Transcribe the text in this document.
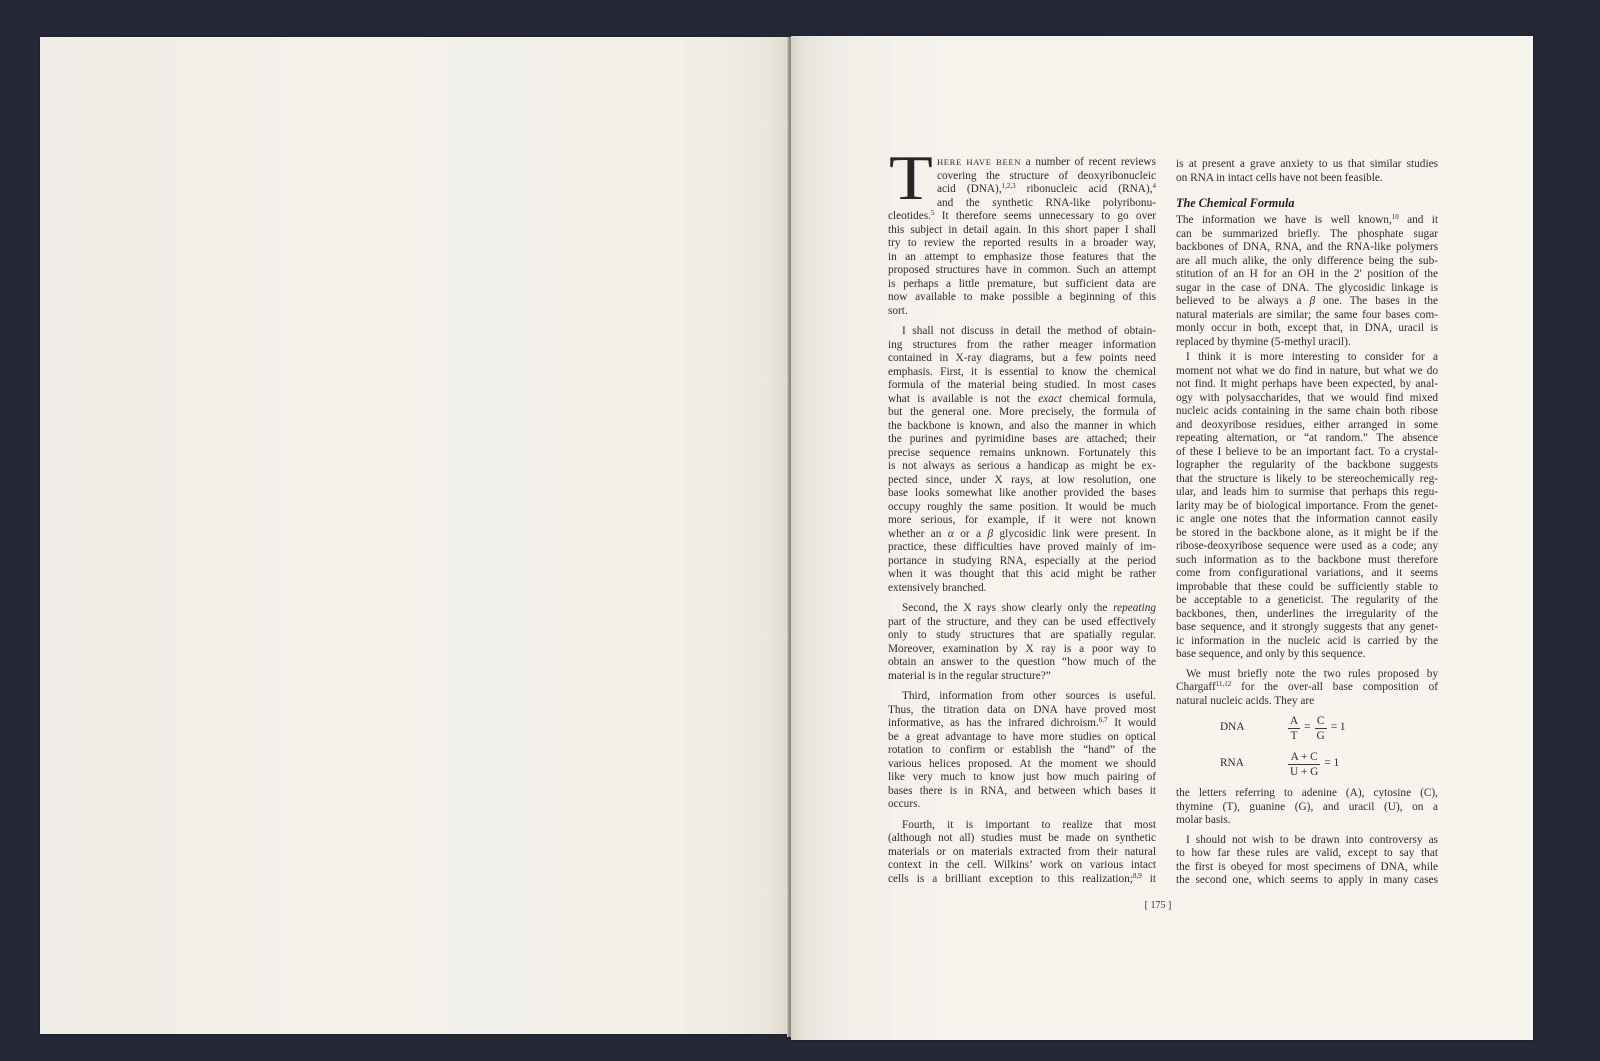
T HERE HAVE BEEN a number of recent reviews
covering the structure of deoxyribonucleic
acid (DNA),$^{1,2,3}$ ribonucleic acid (RNA),$^4$
and the synthetic RNA-like polyribonu-
cleotides.$^5$ It therefore seems unnecessary to go over
this subject in detail again. In this short paper I shall
try to review the reported results in a broader way,
in an attempt to emphasize those features that the
proposed structures have in common. Such an attempt
is perhaps a little premature, but sufficient data are
now available to make possible a beginning of this
sort.
I shall not discuss in detail the method of obtain-
ing structures from the rather meager information
contained in X-ray diagrams, but a few points need
emphasis. First, it is essential to know the chemical
formula of the material being studied. In most cases
what is available is not the exact chemical formula,
but the general one. More precisely, the formula of
the backbone is known, and also the manner in which
the purines and pyrimidine bases are attached; their
precise sequence remains unknown. Fortunately this
is not always as serious a handicap as might be ex-
pected since, under X rays, at low resolution, one
base looks somewhat like another provided the bases
occupy roughly the same position. It would be much
more serious, for example, if it were not known
whether an α or a β glycosidic link were present. In
practice, these difficulties have proved mainly of im-
portance in studying RNA, especially at the period
when it was thought that this acid might be rather
extensively branched.
Second, the X rays show clearly only the repeating
part of the structure, and they can be used effectively
only to study structures that are spatially regular.
Moreover, examination by X ray is a poor way to
obtain an answer to the question “how much of the
material is in the regular structure?”
Third, information from other sources is useful.
Thus, the titration data on DNA have proved most
informative, as has the infrared dichroism.$^{6,7}$ It would
be a great advantage to have more studies on optical
rotation to confirm or establish the “hand” of the
various helices proposed. At the moment we should
like very much to know just how much pairing of
bases there is in RNA, and between which bases it
occurs.
Fourth, it is important to realize that most
(although not all) studies must be made on synthetic
materials or on materials extracted from their natural
context in the cell. Wilkins’ work on various intact
cells is a brilliant exception to this realization;$^{8,9}$ it
is at present a grave anxiety to us that similar studies
on RNA in intact cells have not been feasible.
The Chemical Formula
The information we have is well known,$^{10}$ and it
can be summarized briefly. The phosphate sugar
backbones of DNA, RNA, and the RNA-like polymers
are all much alike, the only difference being the sub-
stitution of an H for an OH in the 2′ position of the
sugar in the case of DNA. The glycosidic linkage is
believed to be always a β one. The bases in the
natural materials are similar; the same four bases com-
monly occur in both, except that, in DNA, uracil is
replaced by thymine (5-methyl uracil).
I think it is more interesting to consider for a
moment not what we do find in nature, but what we do
not find. It might perhaps have been expected, by anal-
ogy with polysaccharides, that we would find mixed
nucleic acids containing in the same chain both ribose
and deoxyribose residues, either arranged in some
repeating alternation, or “at random.” The absence
of these I believe to be an important fact. To a crystal-
lographer the regularity of the backbone suggests
that the structure is likely to be stereochemically reg-
ular, and leads him to surmise that perhaps this regu-
larity may be of biological importance. From the genet-
ic angle one notes that the information cannot easily
be stored in the backbone alone, as it might be if the
ribose-deoxyribose sequence were used as a code; any
such information as to the backbone must therefore
come from configurational variations, and it seems
improbable that these could be sufficiently stable to
be acceptable to a geneticist. The regularity of the
backbones, then, underlines the irregularity of the
base sequence, and it strongly suggests that any genet-
ic information in the nucleic acid is carried by the
base sequence, and only by this sequence.
We must briefly note the two rules proposed by
Chargaff$^{11,12}$ for the over-all base composition of
natural nucleic acids. They are
DNA	$\frac{A}{T} = \frac{C}{G} = 1$
RNA	$\frac{A + C}{U + G} = 1$
the letters referring to adenine (A), cytosine (C),
thymine (T), guanine (G), and uracil (U), on a
molar basis.
I should not wish to be drawn into controversy as
to how far these rules are valid, except to say that
the first is obeyed for most specimens of DNA, while
the second one, which seems to apply in many cases
[ 175 ]
